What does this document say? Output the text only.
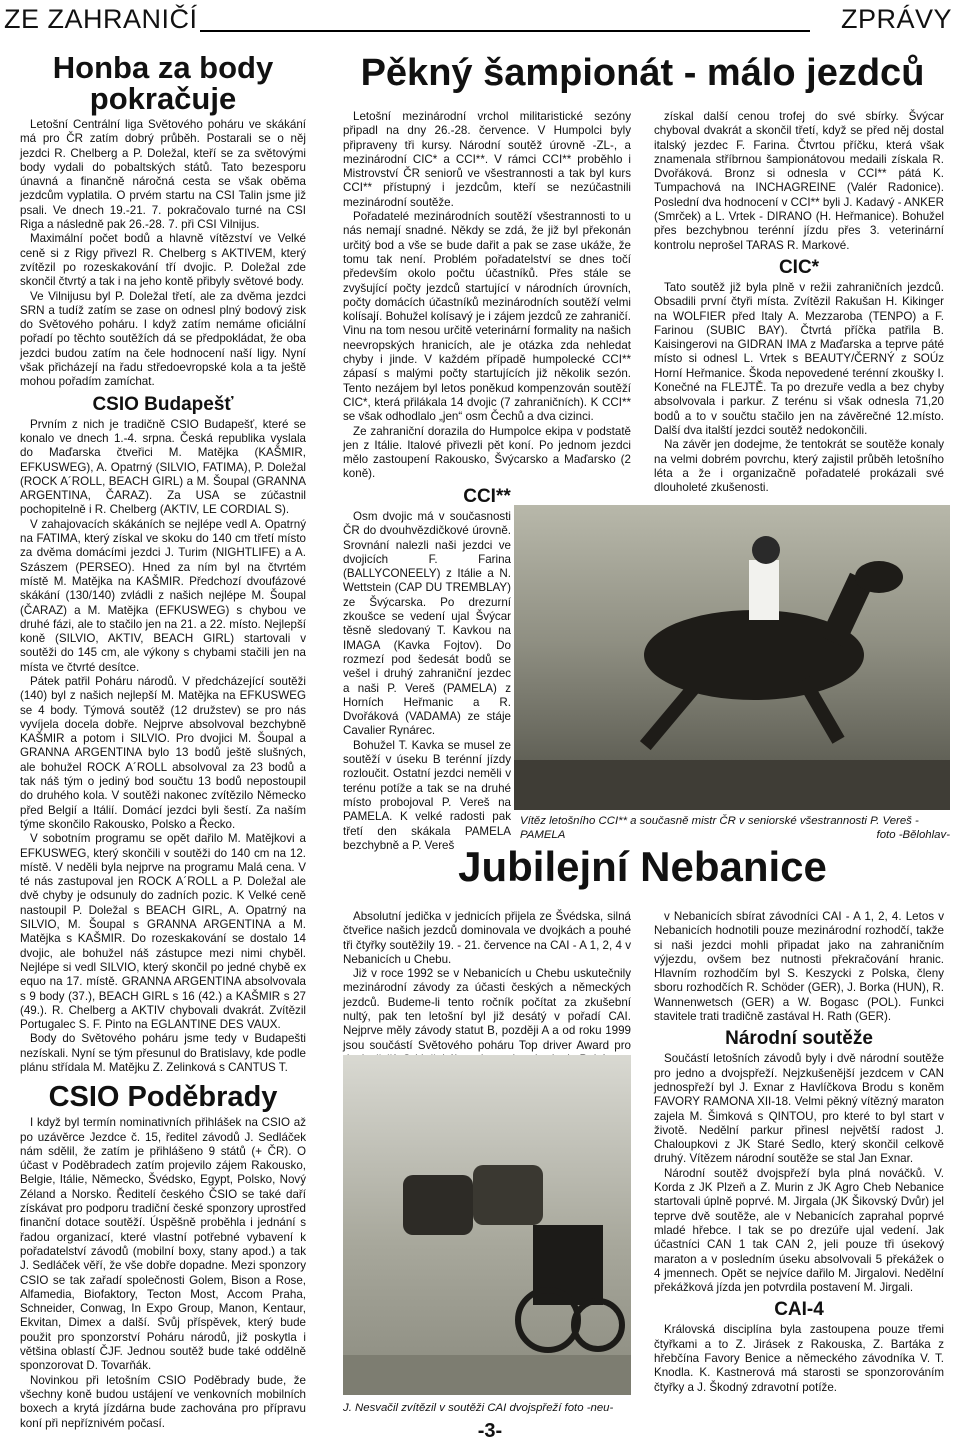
ZE ZAHRANIČÍ	ZPRÁVY
Honba za body pokračuje

Letošní Centrální liga Světového poháru ve skákání má pro ČR zatím dobrý průběh. Postarali se o něj jezdci R. Chelberg a P. Doležal, kteří se za světovými body vydali do pobaltských států. Tato bezesporu únavná a finančně náročná cesta se však oběma jezdcům vyplatila. O prvém startu na CSI Talin jsme již psali. Ve dnech 19.-21. 7. pokračovalo turné na CSI Riga a následně pak 26.-28. 7. při CSI Vilnijus.

Maximální počet bodů a hlavně vítězství ve Velké ceně si z Rigy přivezl R. Chelberg s AKTIVEM, který zvítězil po rozeskakování tří dvojic. P. Doležal zde skončil čtvrtý a tak i na jeho kontě přibyly světové body.

Ve Vilnijusu byl P. Doležal třetí, ale za dvěma jezdci SRN a tudíž zatím se zase on odnesl plný bodový zisk do Světového poháru. I když zatím nemáme oficiální pořadí po těchto soutěžích dá se předpokládat, že oba jezdci budou zatím na čele hodnocení naší ligy. Nyní však přicházejí na řadu středoevropské kola a ta ještě mohou pořadím zamíchat.

CSIO Budapešť

Prvním z nich je tradičně CSIO Budapešť, které se konalo ve dnech 1.-4. srpna. Česká republika vyslala do Maďarska čtveřici M. Matějka (KAŠMIR, EFKUSWEG), A. Opatrný (SILVIO, FATIMA), P. Doležal (ROCK A´ROLL, BEACH GIRL) a M. Šoupal (GRANNA ARGENTINA, ČARAZ). Za USA se zúčastnil pochopitelně i R. Chelberg (AKTIV, LE CORDIAL S).

V zahajovacích skákáních se nejlépe vedl A. Opatrný na FATIMA, který získal ve skoku do 140 cm třetí místo za dvěma domácími jezdci J. Turim (NIGHTLIFE) a A. Szászem (PERSEO). Hned za ním byl na čtvrtém místě M. Matějka na KAŠMIR. Předchozí dvoufázové skákání (130/140) zvládli z našich nejlépe M. Šoupal (ČARAZ) a M. Matějka (EFKUSWEG) s chybou ve druhé fázi, ale to stačilo jen na 21. a 22. místo. Nejlepší koně (SILVIO, AKTIV, BEACH GIRL) startovali v soutěži do 145 cm, ale výkony s chybami stačili jen na místa ve čtvrté desítce.

Pátek patřil Poháru národů. V předcházející soutěži (140) byl z našich nejlepší M. Matějka na EFKUSWEG se 4 body. Týmová soutěž (12 družstev) se pro nás vyvíjela docela dobře. Nejprve absolvoval bezchybně KAŠMIR a potom i SILVIO. Pro dvojici M. Šoupal a GRANNA ARGENTINA bylo 13 bodů ještě slušných, ale bohužel ROCK A´ROLL absolvoval za 23 bodů a tak náš tým o jediný bod součtu 13 bodů nepostoupil do druhého kola. V soutěži nakonec zvítězilo Německo před Belgií a Itálií. Domácí jezdci byli šestí. Za naším týme skončilo Rakousko, Polsko a Řecko.

V sobotním programu se opět dařilo M. Matějkovi a EFKUSWEG, který skončili v soutěži do 140 cm na 12. místě. V neděli byla nejprve na programu Malá cena. V té nás zastupoval jen ROCK A´ROLL a P. Doležal ale dvě chyby je odsunuly do zadních pozic. K Velké ceně nastoupil P. Doležal s BEACH GIRL, A. Opatrný na SILVIO, M. Šoupal s GRANNA ARGENTINA a M. Matějka s KAŠMIR. Do rozeskakování se dostalo 14 dvojic, ale bohužel náš zástupce mezi nimi chyběl. Nejlépe si vedl SILVIO, který skončil po jedné chybě ex equo na 17. místě. GRANNA ARGENTINA absolvovala s 9 body (37.), BEACH GIRL s 16 (42.) a KAŠMIR s 27 (49.). R. Chelberg a AKTIV chybovali dvakrát. Zvítězil Portugalec S. F. Pinto na EGLANTINE DES VAUX.

Body do Světového poháru jsme tedy v Budapešti nezískali. Nyní se tým přesunul do Bratislavy, kde podle plánu střídala M. Matějku Z. Zelinková s CANTUS T.

CSIO Poděbrady

I když byl termín nominativních přihlášek na CSIO až po uzávěrce Jezdce č. 15, ředitel závodů J. Sedláček nám sdělil, že zatím je přihlášeno 9 států (+ ČR). O účast v Poděbradech zatím projevilo zájem Rakousko, Belgie, Itálie, Německo, Švédsko, Egypt, Polsko, Nový Zéland a Norsko. Ředitelí českého ČSIO se také daří získávat pro podporu tradiční české sponzory uprostřed finanční dotace soutěží. Úspěšně proběhla i jednání s řadou organizací, které vlastní potřebné vybavení k pořadatelství závodů (mobilní boxy, stany apod.) a tak J. Sedláček věří, že vše dobře dopadne. Mezi sponzory CSIO se tak zařadí společnosti Golem, Bison a Rose, Alfamedia, Biofaktory, Tecton Most, Accom Praha, Schneider, Conwag, In Expo Group, Manon, Kentaur, Ekvitan, Dimex a další. Svůj příspěvek, který bude použit pro sponzorství Poháru národů, již poskytla i většina oblastí ČJF. Jednou soutěž bude také oddělně sponzorovat D. Tovarňák.

Novinkou při letošním CSIO Poděbrady bude, že všechny koně budou ustájení ve venkovních mobilních boxech a krytá jízdárna bude zachována pro přípravu koní při nepříznivém počasí.

Pěkný šampionát - málo jezdců

Letošní mezinárodní vrchol militaristické sezóny připadl na dny 26.-28. července. V Humpolci byly připraveny tři kursy. Národní soutěž úrovně -ZL-, a mezinárodní CIC* a CCI**. V rámci CCI** proběhlo i Mistrovství ČR seniorů ve všestrannosti a tak byl kurs CCI** přístupný i jezdcům, kteří se nezúčastnili mezinárodní soutěže.

Pořadatelé mezinárodních soutěží všestrannosti to u nás nemají snadné. Někdy se zdá, že již byl překonán určitý bod a vše se bude dařit a pak se zase ukáže, že tomu tak není. Problém pořadatelství se dnes točí především okolo počtu účastníků. Přes stále se zvyšující počty jezdců startující v národních úrovních, počty domácích účastníků mezinárodních soutěží velmi kolísají. Bohužel kolísavý je i zájem jezdců ze zahraničí. Vinu na tom nesou určitě veterinární formality na našich neevropských hranicích, ale je otázka zda nehledat chyby i jinde. V každém případě humpolecké CCI** zápasí s malými počty startujících již několik sezón. Tento nezájem byl letos poněkud kompenzován soutěží CIC*, která přilákala 14 dvojic (7 zahraničních). K CCI** se však odhodlalo „jen“ osm Čechů a dva cizinci.

Ze zahraniční dorazila do Humpolce ekipa v podstatě jen z Itálie. Italové přivezli pět koní. Po jednom jezdci mělo zastoupení Rakousko, Švýcarsko a Maďarsko (2 koně).

CCI**

Osm dvojic má v současnosti ČR do dvouhvězdičkové úrovně. Srovnání nalezli naši jezdci ve dvojicích F. Farina (BALLYCONEELY) z Itálie a N. Wettstein (CAP DU TREMBLAY) ze Švýcarska. Po drezurní zkoušce se vedení ujal Švýcar těsně sledovaný T. Kavkou na IMAGA (Kavka Fojtov). Do rozmezí pod šedesát bodů se vešel i druhý zahraniční jezdec a naši P. Vereš (PAMELA) z Horních Heřmanic a R. Dvořáková (VADAMA) ze stáje Cavalier Rynárec.

Bohužel T. Kavka se musel ze soutěží v úseku B terénní jízdy rozloučit. Ostatní jezdci neměli v terénu potíže a tak se na druhé místo probojoval P. Vereš na PAMELA. K velké radosti pak třetí den skákala PAMELA bezchybně a P. Vereš

získal další cenou trofej do své sbírky. Švýcar chyboval dvakrát a skončil třetí, když se před něj dostal italský jezdec F. Farina. Čtvrtou příčku, která však znamenala stříbrnou šampionátovou medaili získala R. Dvořáková. Bronz si odnesla v CCI** pátá K. Tumpachová na INCHAGREINE (Valér Radonice). Poslední dva hodnocení v CCI** byli J. Kadavý - ANKER (Smrček) a L. Vrtek - DIRANO (H. Heřmanice). Bohužel přes bezchybnou terénní jízdu přes 3. veterinární kontrolu neprošel TARAS R. Markové.

CIC*

Tato soutěž již byla plně v režii zahraničních jezdců. Obsadili první čtyři místa. Zvítězil Rakušan H. Kikinger na WOLFIER před Italy A. Mezzaroba (TENPO) a F. Farinou (SUBIC BAY). Čtvrtá příčka patřila B. Kaisingerovi na GIDRAN IMA z Maďarska a teprve páté místo si odnesl L. Vrtek s BEAUTY/ČERNÝ z SOÚz Horní Heřmanice. Škoda nepovedené terénní zkoušky I. Konečné na FLEJTĚ. Ta po drezuře vedla a bez chyby absolvovala i parkur. Z terénu si však odnesla 71,20 bodů a to v součtu stačilo jen na závěrečné 12.místo. Další dva italští jezdci soutěž nedokončili.

Na závěr jen dodejme, že tentokrát se soutěže konaly na velmi dobrém povrchu, který zajistil průběh letošního léta a že i organizačně pořadatelé prokázali své dlouholeté zkušenosti.

Vítěz letošního CCI** a současně mistr ČR v seniorské všestrannosti P. Vereš - PAMELA	foto -Bělohlav-
Jubilejní Nebanice

Absolutní jedička v jednicích přijela ze Švédska, silná čtveřice našich jezdců dominovala ve dvojkách a pouhé tři čtyřky soutěžily 19. - 21. července na CAI - A 1, 2, 4 v Nebanicích u Chebu.

Již v roce 1992 se v Nebanicích u Chebu uskutečnily mezinárodní závody za účasti českých a německých jezdců. Budeme-li tento ročník počítat za zkušební nultý, pak ten letošní byl již desátý v pořadí CAI. Nejprve měly závody statut B, později A a od roku 1999 jsou součástí Světového poháru Top driver Award pro

J. Nesvačil zvítězil v soutěži CAI dvojspřeží foto -neu-

v Nebanicích sbírat závodníci CAI - A 1, 2, 4. Letos v Nebanicích hodnotili pouze mezinárodní rozhodčí, takže si naši jezdci mohli připadat jako na zahraničním výjezdu, ovšem bez nutnosti překračování hranic. Hlavním rozhodčím byl S. Keszycki z Polska, členy sboru rozhodčích R. Schöder (GER), J. Borka (HUN), R. Wannenwetsch (GER) a W. Bogasc (POL). Funkci stavitele trati tradičně zastával H. Rath (GER).

Národní soutěže

Součástí letošních závodů byly i dvě národní soutěže pro jedno a dvojspřeží. Nejzkušenější jezdcem v CAN jednospřeží byl J. Exnar z Havlíčkova Brodu s koněm FAVORY RAMONA XII-18. Velmi pěkný vítězný maraton zajela M. Šimková s QINTOU, pro které to byl start v životě. Nedělní parkur přinesl největší radost J. Chaloupkovi z JK Staré Sedlo, který skončil celkově druhý. Vítězem národní soutěže se stal Jan Exnar.

Národní soutěž dvojspřeží byla plná nováčků. V. Korda z JK Plzeň a Z. Murin z JK Agro Cheb Nebanice startovali úplně poprvé. M. Jirgala (JK Šikovský Dvůr) jel teprve dvě soutěže, ale v Nebanicích zaprahal poprvé mladé hřebce. I tak se po drezúře ujal vedení. Jak účastníci CAN 1 tak CAN 2, jeli pouze tři úsekový maraton a v posledním úseku absolvovali 5 překážek o 4 jmennech. Opět se nejvíce dařilo M. Jirgalovi. Nedělní překážková jízda jen potvrdila postavení M. Jirgali.

CAI-4

Královská disciplína byla zastoupena pouze třemi čtyřkami a to Z. Jirásek z Rakouska, Z. Bartáka z hřebčína Favory Benice a německého závodníka V. T. Knodla. K. Kastnerová má starosti se sponzorováním čtyřky a J. Škodný zdravotní potíže.

-3-
